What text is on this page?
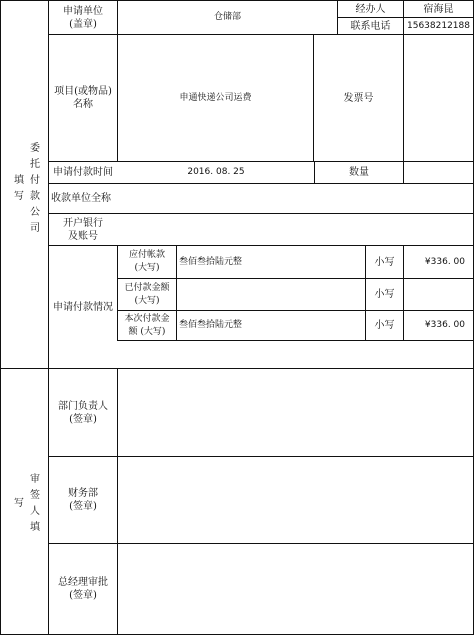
委托付款公司填写
审签人填写
申请单位
(盖章)
仓储部
经办人	宿海昆
联系电话	15638212188
项目(或物品)
名称
申通快递公司运费	发票号
申请付款时间	2016. 08. 25	数量
收款单位全称
开户银行
及账号
申请付款情况
应付帐款
(大写)
叁佰叁拾陆元整	小写	¥336. 00
已付款金额
(大写)
小写
本次付款金
额 (大写)
叁佰叁拾陆元整	小写	¥336. 00
部门负责人
(签章)
财务部
(签章)
总经理审批
(签章)
